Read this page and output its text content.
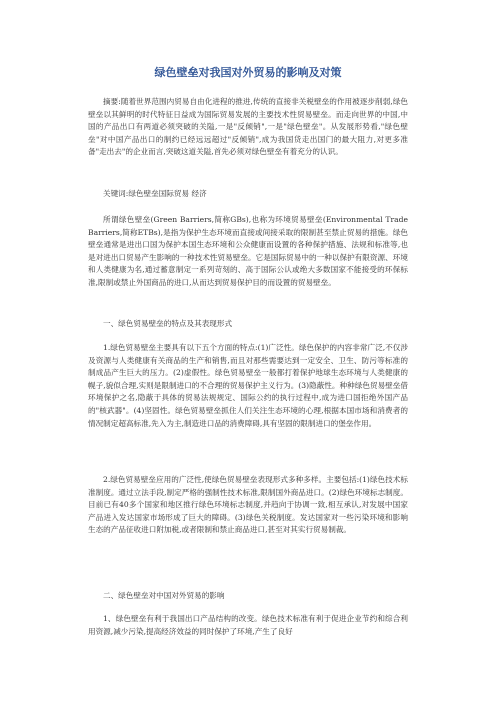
绿色壁垒对我国对外贸易的影响及对策

摘要:随着世界范围内贸易自由化进程的推进,传统的直接非关税壁垒的作用被逐步削弱,绿色壁垒以其鲜明的时代特征日益成为国际贸易发展的主要技术性贸易壁垒。而走向世界的中国,中国的产品出口有两道必须突破的关隘,一是"反倾销",一是"绿色壁垒"。从发展形势看,"绿色壁垒"对中国产品出口的制约已经远远超过"反倾销",成为我国货走出国门的最大阻力,对更多准备"走出去"的企业而言,突破这道关隘,首先必须对绿色壁垒有着充分的认识。

关键词:绿色壁垒国际贸易 经济

所谓绿色壁垒(Green Barriers,简称GBs),也称为环境贸易壁垒(Environmental Trade Barriers,简称ETBs),是指为保护生态环境而直接或间接采取的限制甚至禁止贸易的措施。绿色壁垒通常是进出口国为保护本国生态环境和公众健康而设置的各种保护措施、法规和标准等,也是对进出口贸易产生影响的一种技术性贸易壁垒。它是国际贸易中的一种以保护有限资源、环境和人类健康为名,通过蓄意制定一系列苛刻的、高于国际公认或绝大多数国家不能接受的环保标准,限制或禁止外国商品的进口,从而达到贸易保护目的而设置的贸易壁垒。

一、绿色贸易壁垒的特点及其表现形式

1.绿色贸易壁垒主要具有以下五个方面的特点:(1)广泛性。绿色保护的内容非常广泛,不仅涉及资源与人类健康有关商品的生产和销售,而且对那些需要达到一定安全、卫生、防污等标准的制成品产生巨大的压力。(2)虚假性。绿色贸易壁垒一般都打着保护地球生态环境与人类健康的幌子,貌似合理,实则是限制进口的不合理的贸易保护主义行为。(3)隐蔽性。种种绿色贸易壁垒借环境保护之名,隐蔽于具体的贸易法规规定、国际公约的执行过程中,成为进口国拒绝外国产品的"核武器"。(4)坚固性。绿色贸易壁垒抓住人们关注生态环境的心理,根据本国市场和消费者的情况制定超高标准,先入为主,制造进口品的消费障碍,具有坚固的限制进口的堡垒作用。

2.绿色贸易壁垒应用的广泛性,使绿色贸易壁垒表现形式多种多样。主要包括:(1)绿色技术标准制度。通过立法手段,制定严格的强制性技术标准,限制国外商品进口。(2)绿色环境标志制度。目前已有40多个国家和地区推行绿色环境标志制度,并趋向于协调一致,相互承认,对发展中国家产品进入发达国家市场形成了巨大的障碍。(3)绿色关税制度。发达国家对一些污染环境和影响生态的产品征收进口附加税,或者限制和禁止商品进口,甚至对其实行贸易制裁。

二、绿色壁垒对中国对外贸易的影响

1、绿色壁垒有利于我国出口产品结构的改变。绿色技术标准有利于促进企业节约和综合利用资源,减少污染,提高经济效益的同时保护了环境,产生了良好
